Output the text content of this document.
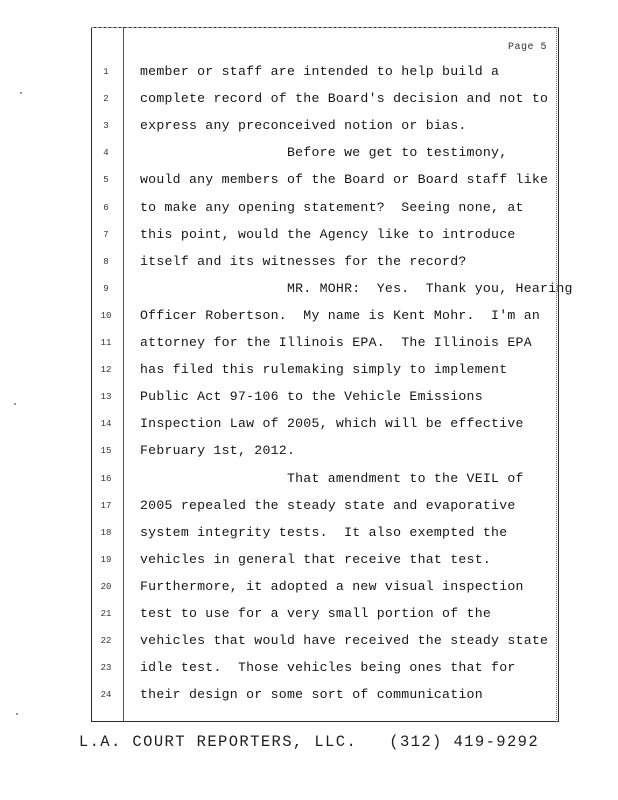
Page 5
1	member or staff are intended to help build a
2	complete record of the Board's decision and not to
3	express any preconceived notion or bias.
4	Before we get to testimony,
5	would any members of the Board or Board staff like
6	to make any opening statement?  Seeing none, at
7	this point, would the Agency like to introduce
8	itself and its witnesses for the record?
9	MR. MOHR:  Yes.  Thank you, Hearing
10	Officer Robertson.  My name is Kent Mohr.  I'm an
11	attorney for the Illinois EPA.  The Illinois EPA
12	has filed this rulemaking simply to implement
13	Public Act 97-106 to the Vehicle Emissions
14	Inspection Law of 2005, which will be effective
15	February 1st, 2012.
16	That amendment to the VEIL of
17	2005 repealed the steady state and evaporative
18	system integrity tests.  It also exempted the
19	vehicles in general that receive that test.
20	Furthermore, it adopted a new visual inspection
21	test to use for a very small portion of the
22	vehicles that would have received the steady state
23	idle test.  Those vehicles being ones that for
24	their design or some sort of communication
L.A. COURT REPORTERS, LLC.   (312) 419-9292
